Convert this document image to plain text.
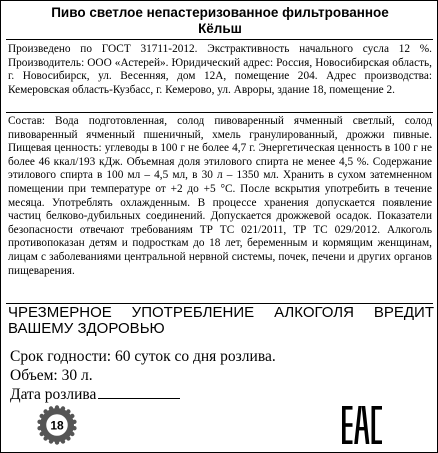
Пиво светлое непастеризованное фильтрованное
Кёльш
Произведено по ГОСТ 31711-2012. Экстрактивность начального сусла 12 %. Производитель: ООО «Астерей». Юридический адрес: Россия, Новосибирская область, г. Новосибирск, ул. Весенняя, дом 12А, помещение 204. Адрес производства: Кемеровская область-Кузбасс, г. Кемерово, ул. Авроры, здание 18, помещение 2.
Состав: Вода подготовленная, солод пивоваренный ячменный светлый, солод пивоваренный ячменный пшеничный, хмель гранулированный, дрожжи пивные. Пищевая ценность: углеводы в 100 г не более 4,7 г. Энергетическая ценность в 100 г не более 46 ккал/193 кДж. Объемная доля этилового спирта не менее 4,5 %. Содержание этилового спирта в 100 мл – 4,5 мл, в 30 л – 1350 мл. Хранить в сухом затемненном помещении при температуре от +2 до +5 °С. После вскрытия употребить в течение месяца. Употреблять охлажденным. В процессе хранения допускается появление частиц белково-дубильных соединений. Допускается дрожжевой осадок. Показатели безопасности отвечают требованиям ТР ТС 021/2011, ТР ТС 029/2012. Алкоголь противопоказан детям и подросткам до 18 лет, беременным и кормящим женщинам, лицам с заболеваниями центральной нервной системы, почек, печени и других органов пищеварения.
ЧРЕЗМЕРНОЕ УПОТРЕБЛЕНИЕ АЛКОГОЛЯ ВРЕДИТ ВАШЕМУ ЗДОРОВЬЮ
Срок годности: 60 суток со дня розлива.
Объем: 30 л.
Дата розлива
18
